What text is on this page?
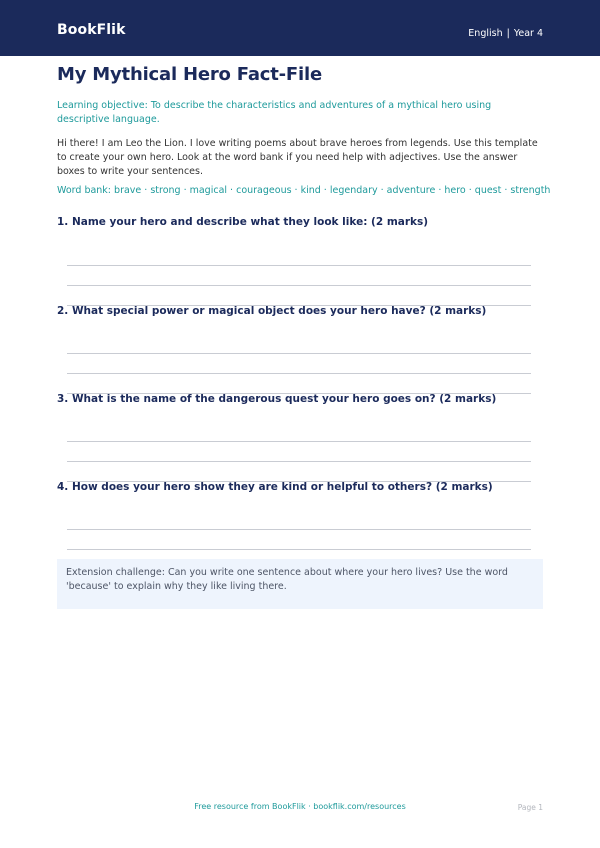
BookFlik	English | Year 4
My Mythical Hero Fact-File
Learning objective: To describe the characteristics and adventures of a mythical hero using descriptive language.
Hi there! I am Leo the Lion. I love writing poems about brave heroes from legends. Use this template to create your own hero. Look at the word bank if you need help with adjectives. Use the answer boxes to write your sentences.
Word bank: brave · strong · magical · courageous · kind · legendary · adventure · hero · quest · strength
1. Name your hero and describe what they look like: (2 marks)
2. What special power or magical object does your hero have? (2 marks)
3. What is the name of the dangerous quest your hero goes on? (2 marks)
4. How does your hero show they are kind or helpful to others? (2 marks)
Extension challenge: Can you write one sentence about where your hero lives? Use the word 'because' to explain why they like living there.
Free resource from BookFlik · bookflik.com/resources	Page 1
